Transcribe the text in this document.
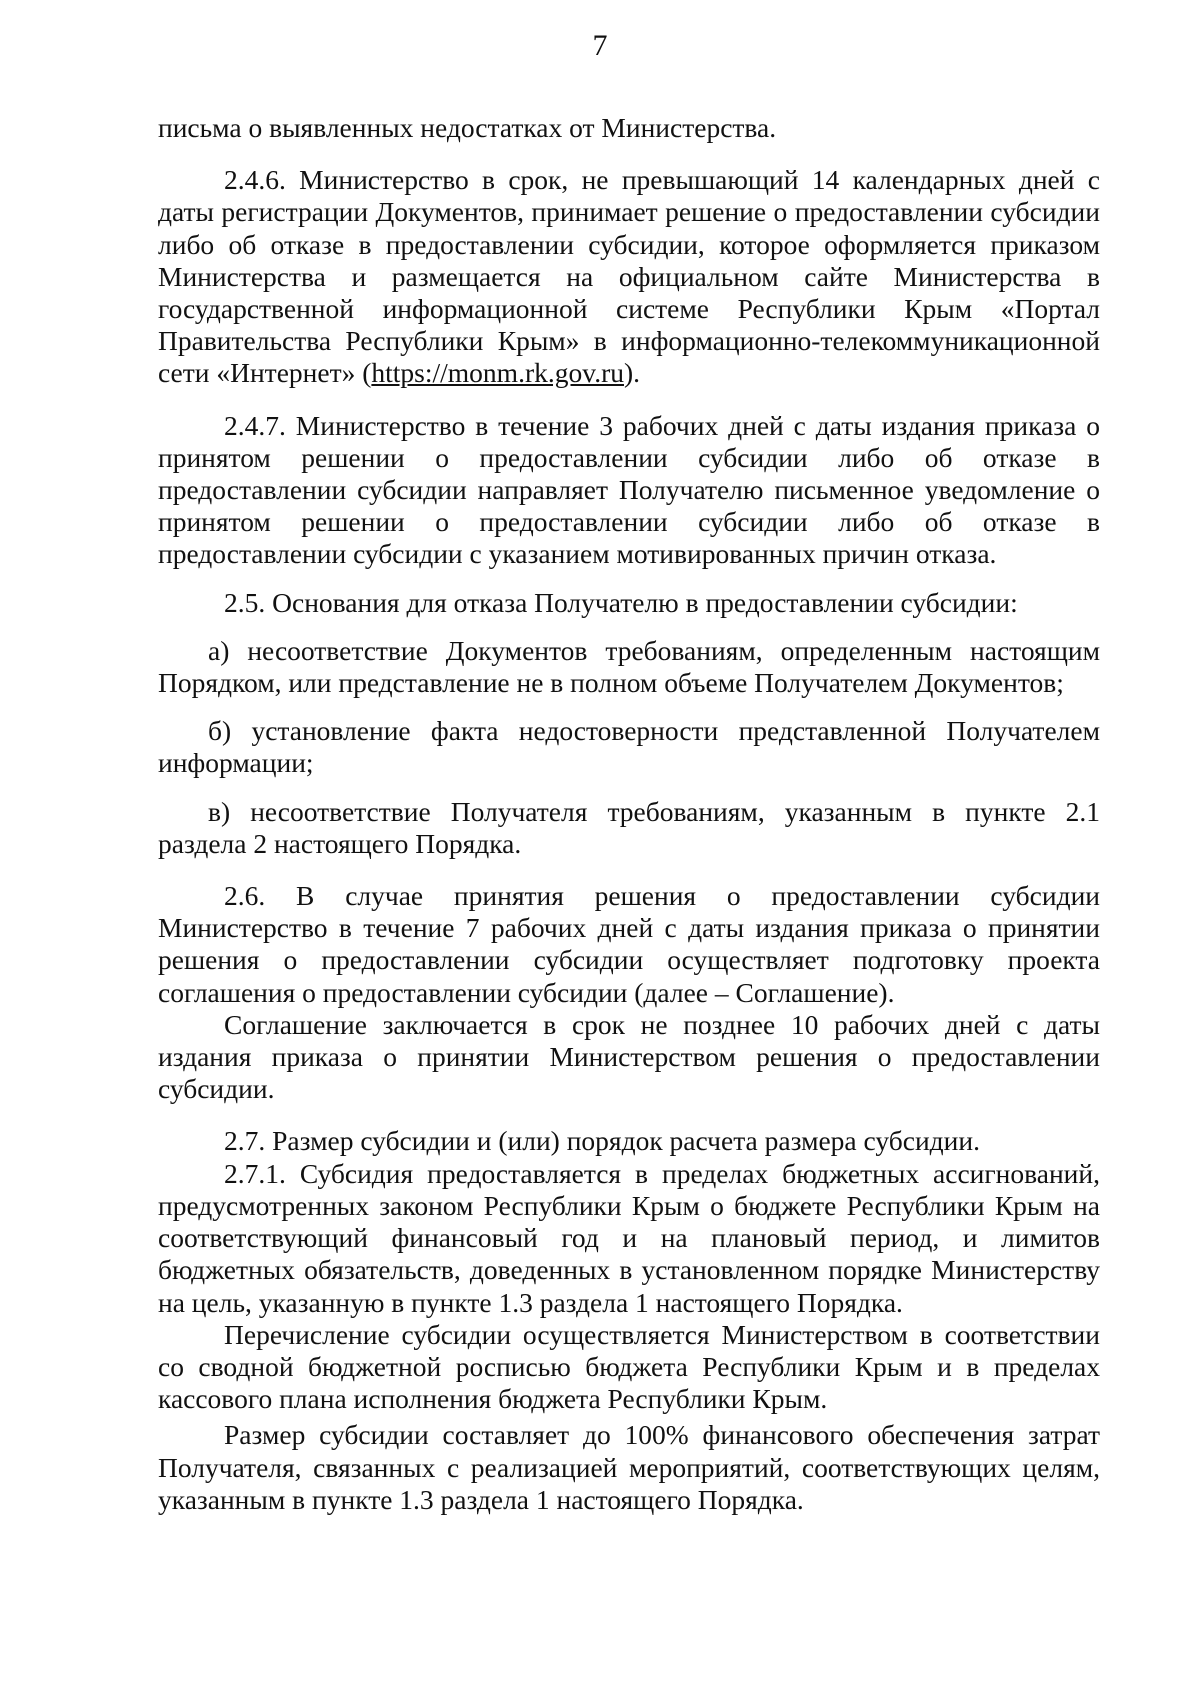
7

письма о выявленных недостатках от Министерства.

2.4.6. Министерство в срок, не превышающий 14 календарных дней с даты регистрации Документов, принимает решение о предоставлении субсидии либо об отказе в предоставлении субсидии, которое оформляется приказом Министерства и размещается на официальном сайте Министерства в государственной информационной системе Республики Крым «Портал Правительства Республики Крым» в информационно-телекоммуникационной сети «Интернет» (https://monm.rk.gov.ru).

2.4.7. Министерство в течение 3 рабочих дней с даты издания приказа о принятом решении о предоставлении субсидии либо об отказе в предоставлении субсидии направляет Получателю письменное уведомление о принятом решении о предоставлении субсидии либо об отказе в предоставлении субсидии с указанием мотивированных причин отказа.

2.5. Основания для отказа Получателю в предоставлении субсидии:

а) несоответствие Документов требованиям, определенным настоящим Порядком, или представление не в полном объеме Получателем Документов;

б) установление факта недостоверности представленной Получателем информации;

в) несоответствие Получателя требованиям, указанным в пункте 2.1 раздела 2 настоящего Порядка.

2.6. В случае принятия решения о предоставлении субсидии Министерство в течение 7 рабочих дней с даты издания приказа о принятии решения о предоставлении субсидии осуществляет подготовку проекта соглашения о предоставлении субсидии (далее – Соглашение).

Соглашение заключается в срок не позднее 10 рабочих дней с даты издания приказа о принятии Министерством решения о предоставлении субсидии.

2.7. Размер субсидии и (или) порядок расчета размера субсидии.

2.7.1. Субсидия предоставляется в пределах бюджетных ассигнований, предусмотренных законом Республики Крым о бюджете Республики Крым на соответствующий финансовый год и на плановый период, и лимитов бюджетных обязательств, доведенных в установленном порядке Министерству на цель, указанную в пункте 1.3 раздела 1 настоящего Порядка.

Перечисление субсидии осуществляется Министерством в соответствии со сводной бюджетной росписью бюджета Республики Крым и в пределах кассового плана исполнения бюджета Республики Крым.

Размер субсидии составляет до 100% финансового обеспечения затрат Получателя, связанных с реализацией мероприятий, соответствующих целям, указанным в пункте 1.3 раздела 1 настоящего Порядка.
